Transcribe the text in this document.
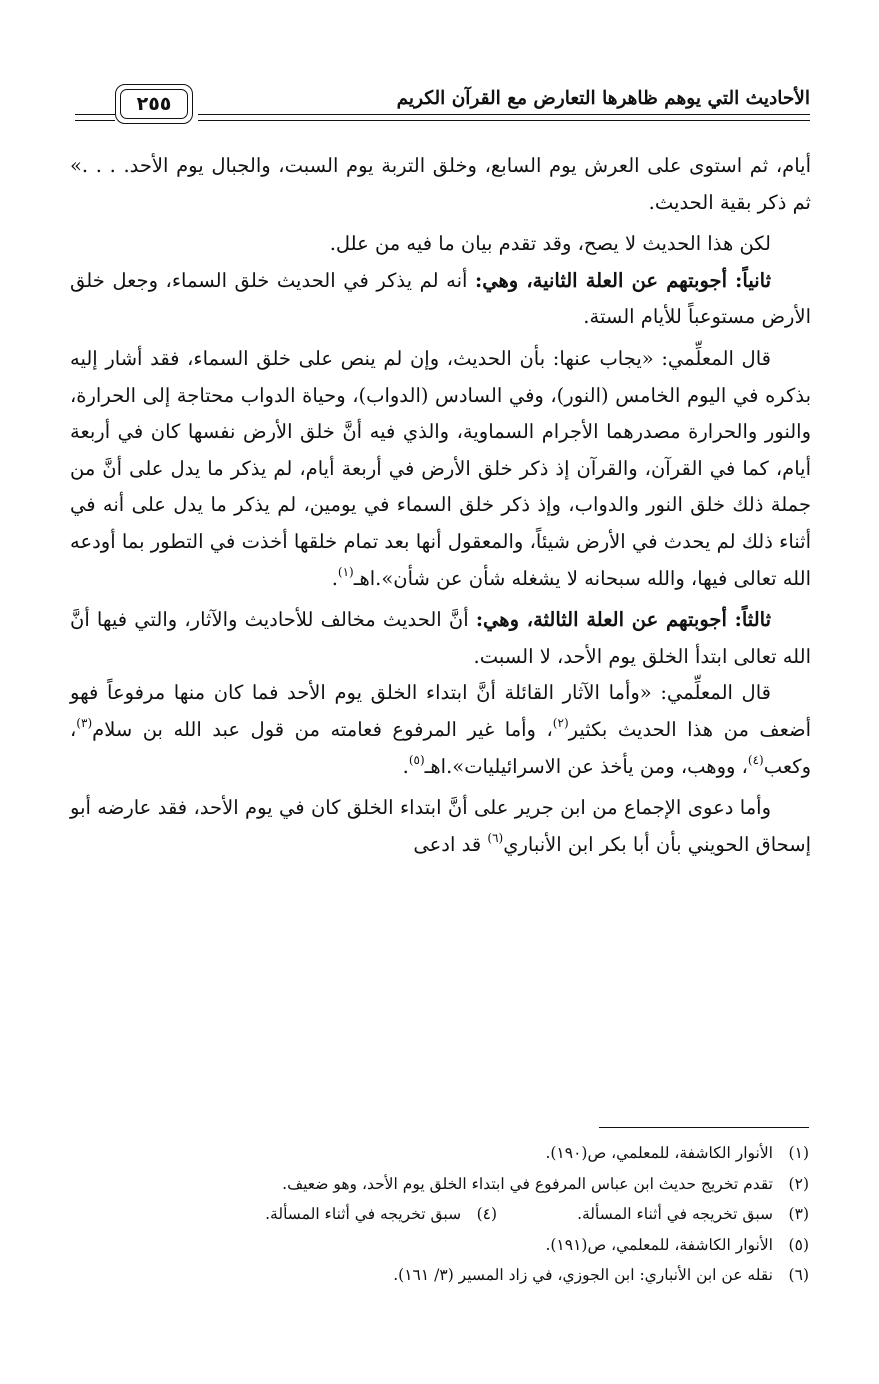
الأحاديث التي يوهم ظاهرها التعارض مع القرآن الكريم
٢٥٥

أيام، ثم استوى على العرش يوم السابع، وخلق التربة يوم السبت، والجبال يوم الأحد. . . .» ثم ذكر بقية الحديث.

لكن هذا الحديث لا يصح، وقد تقدم بيان ما فيه من علل.

ثانياً: أجوبتهم عن العلة الثانية، وهي: أنه لم يذكر في الحديث خلق السماء، وجعل خلق الأرض مستوعباً للأيام الستة.

قال المعلِّمي: «يجاب عنها: بأن الحديث، وإن لم ينص على خلق السماء، فقد أشار إليه بذكره في اليوم الخامس (النور)، وفي السادس (الدواب)، وحياة الدواب محتاجة إلى الحرارة، والنور والحرارة مصدرهما الأجرام السماوية، والذي فيه أنَّ خلق الأرض نفسها كان في أربعة أيام، كما في القرآن، والقرآن إذ ذكر خلق الأرض في أربعة أيام، لم يذكر ما يدل على أنَّ من جملة ذلك خلق النور والدواب، وإذ ذكر خلق السماء في يومين، لم يذكر ما يدل على أنه في أثناء ذلك لم يحدث في الأرض شيئاً، والمعقول أنها بعد تمام خلقها أخذت في التطور بما أودعه الله تعالى فيها، والله سبحانه لا يشغله شأن عن شأن».اهـ$^{(١)}$.

ثالثاً: أجوبتهم عن العلة الثالثة، وهي: أنَّ الحديث مخالف للأحاديث والآثار، والتي فيها أنَّ الله تعالى ابتدأ الخلق يوم الأحد، لا السبت.

قال المعلِّمي: «وأما الآثار القائلة أنَّ ابتداء الخلق يوم الأحد فما كان منها مرفوعاً فهو أضعف من هذا الحديث بكثير$^{(٢)}$، وأما غير المرفوع فعامته من قول عبد الله بن سلام$^{(٣)}$، وكعب$^{(٤)}$، ووهب، ومن يأخذ عن الاسرائيليات».اهـ$^{(٥)}$.

وأما دعوى الإجماع من ابن جرير على أنَّ ابتداء الخلق كان في يوم الأحد، فقد عارضه أبو إسحاق الحويني بأن أبا بكر ابن الأنباري$^{(٦)}$ قد ادعى

(١)الأنوار الكاشفة، للمعلمي، ص(١٩٠).
(٢)تقدم تخريج حديث ابن عباس المرفوع في ابتداء الخلق يوم الأحد، وهو ضعيف.
(٣)سبق تخريجه في أثناء المسألة.(٤)سبق تخريجه في أثناء المسألة.
(٥)الأنوار الكاشفة، للمعلمي، ص(١٩١).
(٦)نقله عن ابن الأنباري: ابن الجوزي، في زاد المسير (٣/ ١٦١).
